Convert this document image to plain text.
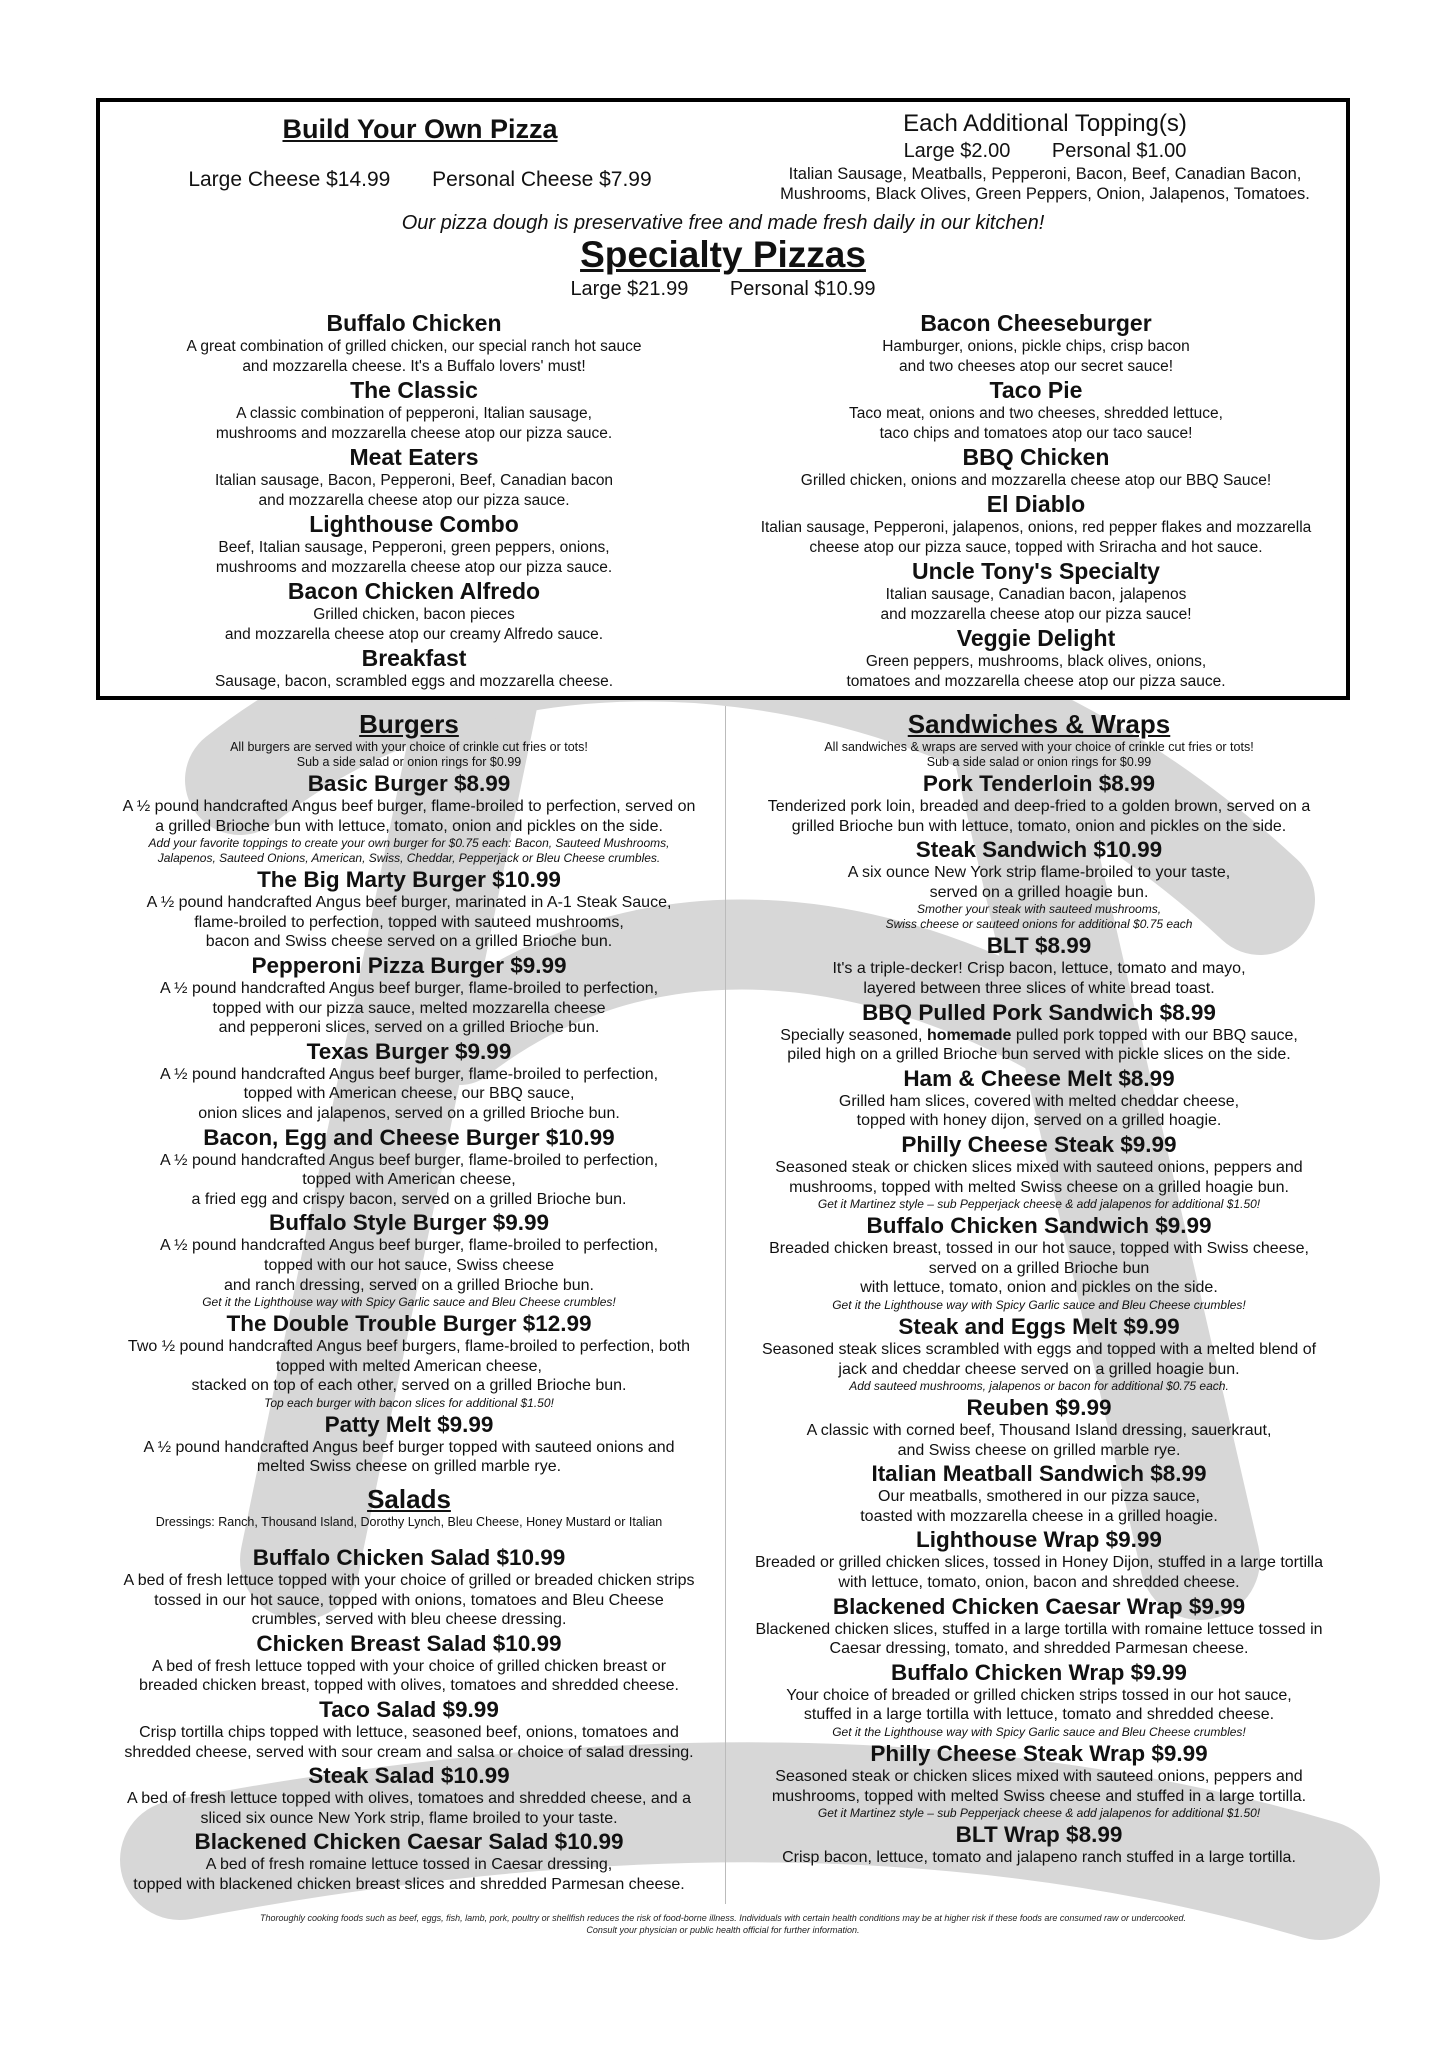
Build Your Own Pizza
Large Cheese $14.99 Personal Cheese $7.99
Each Additional Topping(s)
Large $2.00 Personal $1.00
Italian Sausage, Meatballs, Pepperoni, Bacon, Beef, Canadian Bacon,
Mushrooms, Black Olives, Green Peppers, Onion, Jalapenos, Tomatoes.
Our pizza dough is preservative free and made fresh daily in our kitchen!
Specialty Pizzas
Large $21.99 Personal $10.99
Buffalo Chicken
A great combination of grilled chicken, our special ranch hot sauce
and mozzarella cheese. It's a Buffalo lovers' must!
The Classic
A classic combination of pepperoni, Italian sausage,
mushrooms and mozzarella cheese atop our pizza sauce.
Meat Eaters
Italian sausage, Bacon, Pepperoni, Beef, Canadian bacon
and mozzarella cheese atop our pizza sauce.
Lighthouse Combo
Beef, Italian sausage, Pepperoni, green peppers, onions,
mushrooms and mozzarella cheese atop our pizza sauce.
Bacon Chicken Alfredo
Grilled chicken, bacon pieces
and mozzarella cheese atop our creamy Alfredo sauce.
Breakfast
Sausage, bacon, scrambled eggs and mozzarella cheese.
Bacon Cheeseburger
Hamburger, onions, pickle chips, crisp bacon
and two cheeses atop our secret sauce!
Taco Pie
Taco meat, onions and two cheeses, shredded lettuce,
taco chips and tomatoes atop our taco sauce!
BBQ Chicken
Grilled chicken, onions and mozzarella cheese atop our BBQ Sauce!
El Diablo
Italian sausage, Pepperoni, jalapenos, onions, red pepper flakes and mozzarella
cheese atop our pizza sauce, topped with Sriracha and hot sauce.
Uncle Tony's Specialty
Italian sausage, Canadian bacon, jalapenos
and mozzarella cheese atop our pizza sauce!
Veggie Delight
Green peppers, mushrooms, black olives, onions,
tomatoes and mozzarella cheese atop our pizza sauce.
Burgers
All burgers are served with your choice of crinkle cut fries or tots!
Sub a side salad or onion rings for $0.99
Basic Burger $8.99
A ½ pound handcrafted Angus beef burger, flame-broiled to perfection, served on
a grilled Brioche bun with lettuce, tomato, onion and pickles on the side.
Add your favorite toppings to create your own burger for $0.75 each: Bacon, Sauteed Mushrooms,
Jalapenos, Sauteed Onions, American, Swiss, Cheddar, Pepperjack or Bleu Cheese crumbles.
The Big Marty Burger $10.99
A ½ pound handcrafted Angus beef burger, marinated in A-1 Steak Sauce,
flame-broiled to perfection, topped with sauteed mushrooms,
bacon and Swiss cheese served on a grilled Brioche bun.
Pepperoni Pizza Burger $9.99
A ½ pound handcrafted Angus beef burger, flame-broiled to perfection,
topped with our pizza sauce, melted mozzarella cheese
and pepperoni slices, served on a grilled Brioche bun.
Texas Burger $9.99
A ½ pound handcrafted Angus beef burger, flame-broiled to perfection,
topped with American cheese, our BBQ sauce,
onion slices and jalapenos, served on a grilled Brioche bun.
Bacon, Egg and Cheese Burger $10.99
A ½ pound handcrafted Angus beef burger, flame-broiled to perfection,
topped with American cheese,
a fried egg and crispy bacon, served on a grilled Brioche bun.
Buffalo Style Burger $9.99
A ½ pound handcrafted Angus beef burger, flame-broiled to perfection,
topped with our hot sauce, Swiss cheese
and ranch dressing, served on a grilled Brioche bun.
Get it the Lighthouse way with Spicy Garlic sauce and Bleu Cheese crumbles!
The Double Trouble Burger $12.99
Two ½ pound handcrafted Angus beef burgers, flame-broiled to perfection, both
topped with melted American cheese,
stacked on top of each other, served on a grilled Brioche bun.
Top each burger with bacon slices for additional $1.50!
Patty Melt $9.99
A ½ pound handcrafted Angus beef burger topped with sauteed onions and
melted Swiss cheese on grilled marble rye.
Salads
Dressings: Ranch, Thousand Island, Dorothy Lynch, Bleu Cheese, Honey Mustard or Italian
Buffalo Chicken Salad $10.99
A bed of fresh lettuce topped with your choice of grilled or breaded chicken strips
tossed in our hot sauce, topped with onions, tomatoes and Bleu Cheese
crumbles, served with bleu cheese dressing.
Chicken Breast Salad $10.99
A bed of fresh lettuce topped with your choice of grilled chicken breast or
breaded chicken breast, topped with olives, tomatoes and shredded cheese.
Taco Salad $9.99
Crisp tortilla chips topped with lettuce, seasoned beef, onions, tomatoes and
shredded cheese, served with sour cream and salsa or choice of salad dressing.
Steak Salad $10.99
A bed of fresh lettuce topped with olives, tomatoes and shredded cheese, and a
sliced six ounce New York strip, flame broiled to your taste.
Blackened Chicken Caesar Salad $10.99
A bed of fresh romaine lettuce tossed in Caesar dressing,
topped with blackened chicken breast slices and shredded Parmesan cheese.
Sandwiches & Wraps
All sandwiches & wraps are served with your choice of crinkle cut fries or tots!
Sub a side salad or onion rings for $0.99
Pork Tenderloin $8.99
Tenderized pork loin, breaded and deep-fried to a golden brown, served on a
grilled Brioche bun with lettuce, tomato, onion and pickles on the side.
Steak Sandwich $10.99
A six ounce New York strip flame-broiled to your taste,
served on a grilled hoagie bun.
Smother your steak with sauteed mushrooms,
Swiss cheese or sauteed onions for additional $0.75 each
BLT $8.99
It's a triple-decker! Crisp bacon, lettuce, tomato and mayo,
layered between three slices of white bread toast.
BBQ Pulled Pork Sandwich $8.99
Specially seasoned, homemade pulled pork topped with our BBQ sauce,
piled high on a grilled Brioche bun served with pickle slices on the side.
Ham & Cheese Melt $8.99
Grilled ham slices, covered with melted cheddar cheese,
topped with honey dijon, served on a grilled hoagie.
Philly Cheese Steak $9.99
Seasoned steak or chicken slices mixed with sauteed onions, peppers and
mushrooms, topped with melted Swiss cheese on a grilled hoagie bun.
Get it Martinez style – sub Pepperjack cheese & add jalapenos for additional $1.50!
Buffalo Chicken Sandwich $9.99
Breaded chicken breast, tossed in our hot sauce, topped with Swiss cheese,
served on a grilled Brioche bun
with lettuce, tomato, onion and pickles on the side.
Get it the Lighthouse way with Spicy Garlic sauce and Bleu Cheese crumbles!
Steak and Eggs Melt $9.99
Seasoned steak slices scrambled with eggs and topped with a melted blend of
jack and cheddar cheese served on a grilled hoagie bun.
Add sauteed mushrooms, jalapenos or bacon for additional $0.75 each.
Reuben $9.99
A classic with corned beef, Thousand Island dressing, sauerkraut,
and Swiss cheese on grilled marble rye.
Italian Meatball Sandwich $8.99
Our meatballs, smothered in our pizza sauce,
toasted with mozzarella cheese in a grilled hoagie.
Lighthouse Wrap $9.99
Breaded or grilled chicken slices, tossed in Honey Dijon, stuffed in a large tortilla
with lettuce, tomato, onion, bacon and shredded cheese.
Blackened Chicken Caesar Wrap $9.99
Blackened chicken slices, stuffed in a large tortilla with romaine lettuce tossed in
Caesar dressing, tomato, and shredded Parmesan cheese.
Buffalo Chicken Wrap $9.99
Your choice of breaded or grilled chicken strips tossed in our hot sauce,
stuffed in a large tortilla with lettuce, tomato and shredded cheese.
Get it the Lighthouse way with Spicy Garlic sauce and Bleu Cheese crumbles!
Philly Cheese Steak Wrap $9.99
Seasoned steak or chicken slices mixed with sauteed onions, peppers and
mushrooms, topped with melted Swiss cheese and stuffed in a large tortilla.
Get it Martinez style – sub Pepperjack cheese & add jalapenos for additional $1.50!
BLT Wrap $8.99
Crisp bacon, lettuce, tomato and jalapeno ranch stuffed in a large tortilla.
Thoroughly cooking foods such as beef, eggs, fish, lamb, pork, poultry or shellfish reduces the risk of food-borne illness. Individuals with certain health conditions may be at higher risk if these foods are consumed raw or undercooked.
Consult your physician or public health official for further information.
